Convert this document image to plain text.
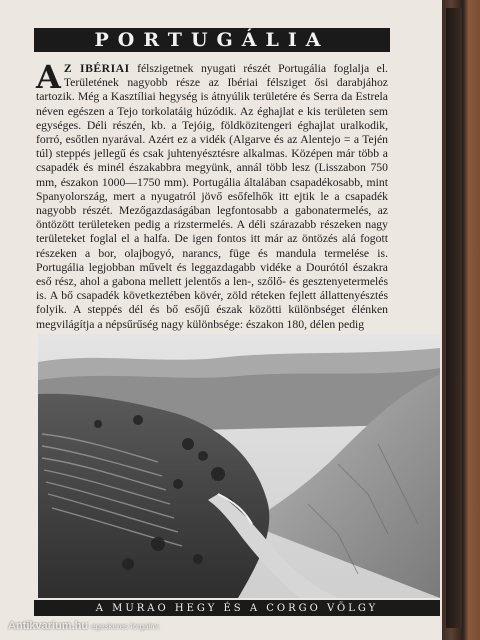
PORTUGÁLIA
A Z IBÉRIAI félszigetnek nyugati részét Portugália foglalja el. Területének nagyobb része az Ibériai félsziget ősi darabjához tartozik. Még a Kasztíliai hegység is átnyúlik területére és Serra da Estrela néven egészen a Tejo torkolatáig húzódik. Az éghajlat e kis területen sem egységes. Déli részén, kb. a Tejóig, földközitengeri éghajlat uralkodik, forró, esőtlen nyarával. Azért ez a vidék (Algarve és az Alentejo = a Tején túl) steppés jellegű és csak juhtenyésztésre alkalmas. Középen már több a csapadék és minél északabbra megyünk, annál több lesz (Lisszabon 750 mm, északon 1000—1750 mm). Portugália általában csapadékosabb, mint Spanyolország, mert a nyugatról jövő esőfelhők itt ejtik le a csapadék nagyobb részét. Mezőgazdaságában legfontosabb a gabonatermelés, az öntözött területeken pedig a rizstermelés. A déli szárazabb részeken nagy területeket foglal el a halfa. De igen fontos itt már az öntözés alá fogott részeken a bor, olajbogyó, narancs, füge és mandula termelése is. Portugália legjobban művelt és leggazdagabb vidéke a Dourótól északra eső rész, ahol a gabona mellett jelentős a len-, szőlő- és gesztenyetermelés is. A bő csapadék következtében kövér, zöld réteken fejlett állattenyésztés folyik. A steppés dél és bő esőjű észak közötti különbséget élénken megvilágítja a népsűrűség nagy különbsége: északon 180, délen pedig
A MURAO HEGY ÉS A CORGO VÖLGY
Antikvarium.hu egeskeres forgalmi
